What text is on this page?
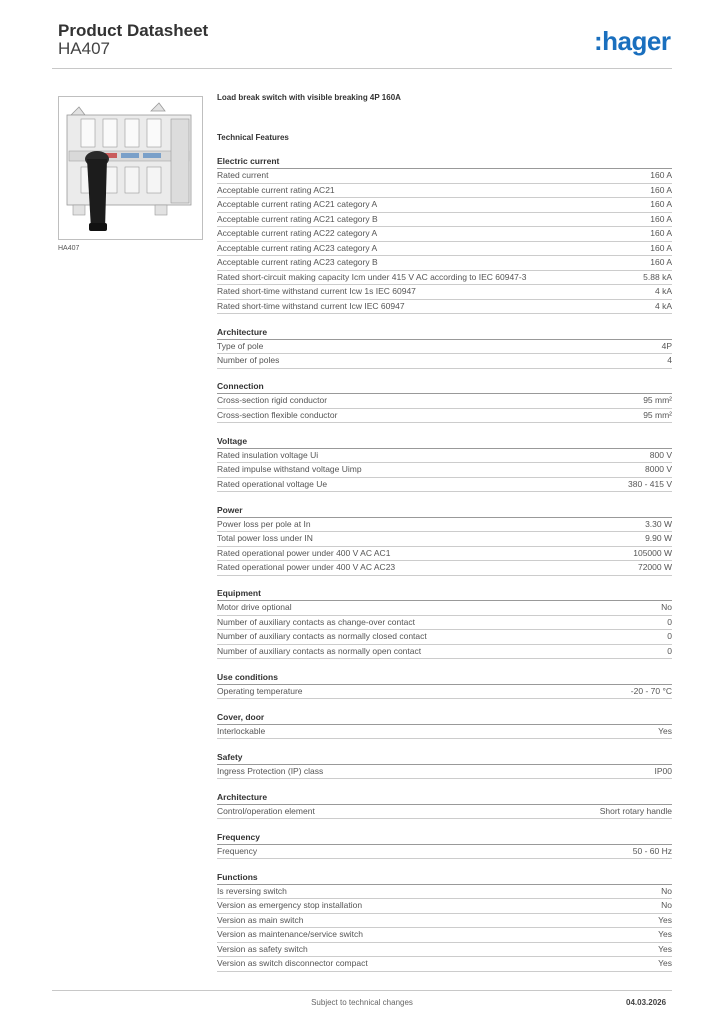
Product Datasheet
HA407	:hager
HA407
Load break switch with visible breaking 4P 160A
Technical Features
Electric current
Rated current	160 A
Acceptable current rating AC21	160 A
Acceptable current rating AC21 category A	160 A
Acceptable current rating AC21 category B	160 A
Acceptable current rating AC22 category A	160 A
Acceptable current rating AC23 category A	160 A
Acceptable current rating AC23 category B	160 A
Rated short-circuit making capacity Icm under 415 V AC according to IEC 60947-3	5.88 kA
Rated short-time withstand current Icw 1s IEC 60947	4 kA
Rated short-time withstand current Icw IEC 60947	4 kA
Architecture
Type of pole	4P
Number of poles	4
Connection
Cross-section rigid conductor	95 mm²
Cross-section flexible conductor	95 mm²
Voltage
Rated insulation voltage Ui	800 V
Rated impulse withstand voltage Uimp	8000 V
Rated operational voltage Ue	380 - 415 V
Power
Power loss per pole at In	3.30 W
Total power loss under IN	9.90 W
Rated operational power under 400 V AC AC1	105000 W
Rated operational power under 400 V AC AC23	72000 W
Equipment
Motor drive optional	No
Number of auxiliary contacts as change-over contact	0
Number of auxiliary contacts as normally closed contact	0
Number of auxiliary contacts as normally open contact	0
Use conditions
Operating temperature	-20 - 70 °C
Cover, door
Interlockable	Yes
Safety
Ingress Protection (IP) class	IP00
Architecture
Control/operation element	Short rotary handle
Frequency
Frequency	50 - 60 Hz
Functions
Is reversing switch	No
Version as emergency stop installation	No
Version as main switch	Yes
Version as maintenance/service switch	Yes
Version as safety switch	Yes
Version as switch disconnector compact	Yes
Subject to technical changes	04.03.2026
